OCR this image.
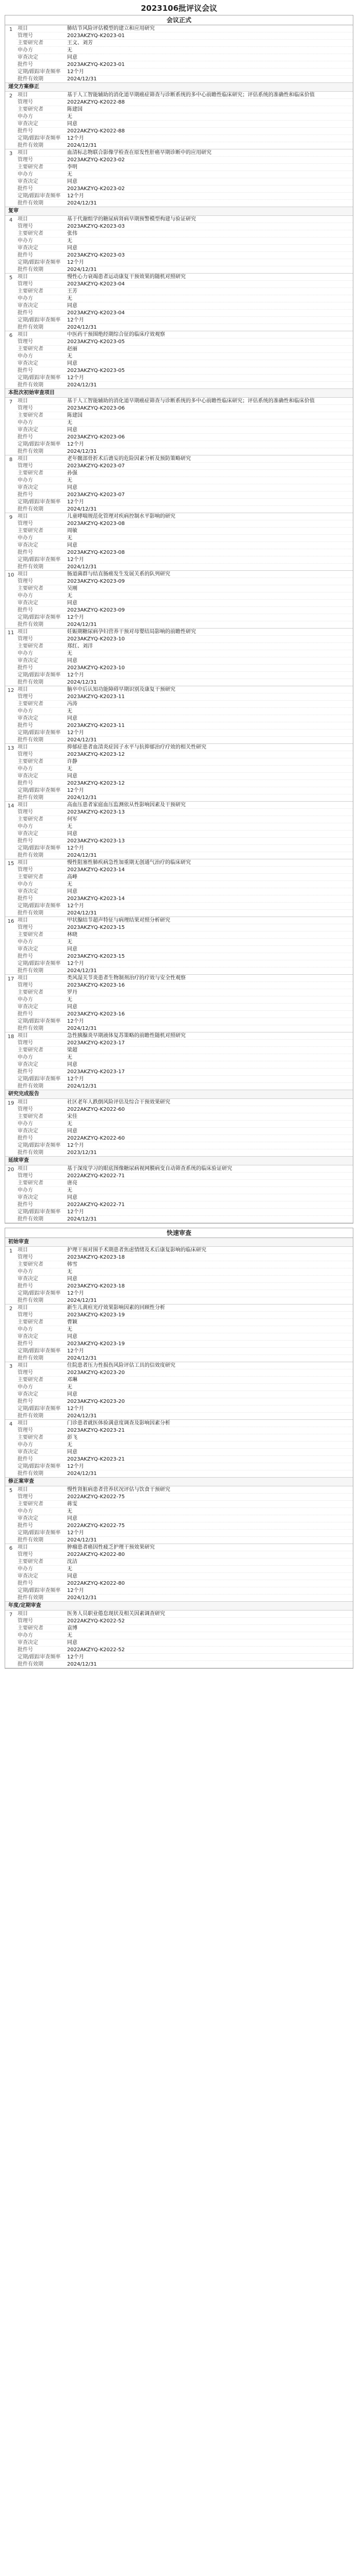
2023106批评议会议
会议正式
1 项目	肺结节风险评估模型的建立和应用研究
管理号	2023AKZYQ-K2023-01
主要研究者	王文、刘芳
申办方	无
审查决定	同意
批件号	2023AKZYQ-K2023-01
定期/跟踪审查频率	12个月
批件有效期	2024/12/31
递交方案修正
2 项目	基于人工智能辅助的消化道早期癌症筛查与诊断系统的多中心前瞻性临床研究；评估系统的准确性和临床价值
管理号	2022AKZYQ-K2022-88
主要研究者	陈建国
申办方	无
审查决定	同意
批件号	2022AKZYQ-K2022-88
定期/跟踪审查频率	12个月
批件有效期	2024/12/31
3 项目	血清标志物联合影像学检查在原发性肝癌早期诊断中的应用研究
管理号	2023AKZYQ-K2023-02
主要研究者	李明
申办方	无
审查决定	同意
批件号	2023AKZYQ-K2023-02
定期/跟踪审查频率	12个月
批件有效期	2024/12/31
复审
4 项目	基于代谢组学的糖尿病肾病早期预警模型构建与验证研究
管理号	2023AKZYQ-K2023-03
主要研究者	张伟
申办方	无
审查决定	同意
批件号	2023AKZYQ-K2023-03
定期/跟踪审查频率	12个月
批件有效期	2024/12/31
5 项目	慢性心力衰竭患者运动康复干预效果的随机对照研究
管理号	2023AKZYQ-K2023-04
主要研究者	王芳
申办方	无
审查决定	同意
批件号	2023AKZYQ-K2023-04
定期/跟踪审查频率	12个月
批件有效期	2024/12/31
6 项目	中医药干预围绝经期综合征的临床疗效观察
管理号	2023AKZYQ-K2023-05
主要研究者	赵丽
申办方	无
审查决定	同意
批件号	2023AKZYQ-K2023-05
定期/跟踪审查频率	12个月
批件有效期	2024/12/31
本批次初始审查项目
7 项目	基于人工智能辅助的消化道早期癌症筛查与诊断系统的多中心前瞻性临床研究；评估系统的准确性和临床价值
管理号	2023AKZYQ-K2023-06
主要研究者	陈建国
申办方	无
审查决定	同意
批件号	2023AKZYQ-K2023-06
定期/跟踪审查频率	12个月
批件有效期	2024/12/31
8 项目	老年髋部骨折术后谵妄的危险因素分析及预防策略研究
管理号	2023AKZYQ-K2023-07
主要研究者	孙强
申办方	无
审查决定	同意
批件号	2023AKZYQ-K2023-07
定期/跟踪审查频率	12个月
批件有效期	2024/12/31
9 项目	儿童哮喘规范化管理对疾病控制水平影响的研究
管理号	2023AKZYQ-K2023-08
主要研究者	周敏
申办方	无
审查决定	同意
批件号	2023AKZYQ-K2023-08
定期/跟踪审查频率	12个月
批件有效期	2024/12/31
10 项目	肠道菌群与结直肠癌发生发展关系的队列研究
管理号	2023AKZYQ-K2023-09
主要研究者	吴刚
申办方	无
审查决定	同意
批件号	2023AKZYQ-K2023-09
定期/跟踪审查频率	12个月
批件有效期	2024/12/31
11 项目	妊娠期糖尿病孕妇营养干预对母婴结局影响的前瞻性研究
管理号	2023AKZYQ-K2023-10
主要研究者	郑红、刘洋
申办方	无
审查决定	同意
批件号	2023AKZYQ-K2023-10
定期/跟踪审查频率	12个月
批件有效期	2024/12/31
12 项目	脑卒中后认知功能障碍早期识别及康复干预研究
管理号	2023AKZYQ-K2023-11
主要研究者	冯涛
申办方	无
审查决定	同意
批件号	2023AKZYQ-K2023-11
定期/跟踪审查频率	12个月
批件有效期	2024/12/31
13 项目	抑郁症患者血清炎症因子水平与抗抑郁治疗疗效的相关性研究
管理号	2023AKZYQ-K2023-12
主要研究者	许静
申办方	无
审查决定	同意
批件号	2023AKZYQ-K2023-12
定期/跟踪审查频率	12个月
批件有效期	2024/12/31
14 项目	高血压患者家庭血压监测依从性影响因素及干预研究
管理号	2023AKZYQ-K2023-13
主要研究者	何军
申办方	无
审查决定	同意
批件号	2023AKZYQ-K2023-13
定期/跟踪审查频率	12个月
批件有效期	2024/12/31
15 项目	慢性阻塞性肺疾病急性加重期无创通气治疗的临床研究
管理号	2023AKZYQ-K2023-14
主要研究者	高峰
申办方	无
审查决定	同意
批件号	2023AKZYQ-K2023-14
定期/跟踪审查频率	12个月
批件有效期	2024/12/31
16 项目	甲状腺结节超声特征与病理结果对照分析研究
管理号	2023AKZYQ-K2023-15
主要研究者	林晓
申办方	无
审查决定	同意
批件号	2023AKZYQ-K2023-15
定期/跟踪审查频率	12个月
批件有效期	2024/12/31
17 项目	类风湿关节炎患者生物制剂治疗的疗效与安全性观察
管理号	2023AKZYQ-K2023-16
主要研究者	罗丹
申办方	无
审查决定	同意
批件号	2023AKZYQ-K2023-16
定期/跟踪审查频率	12个月
批件有效期	2024/12/31
18 项目	急性胰腺炎早期液体复苏策略的前瞻性随机对照研究
管理号	2023AKZYQ-K2023-17
主要研究者	梁超
申办方	无
审查决定	同意
批件号	2023AKZYQ-K2023-17
定期/跟踪审查频率	12个月
批件有效期	2024/12/31
研究完成报告
19 项目	社区老年人跌倒风险评估及综合干预效果研究
管理号	2022AKZYQ-K2022-60
主要研究者	宋佳
申办方	无
审查决定	同意
批件号	2022AKZYQ-K2022-60
定期/跟踪审查频率	12个月
批件有效期	2023/12/31
延续审查
20 项目	基于深度学习的眼底图像糖尿病视网膜病变自动筛查系统的临床验证研究
管理号	2022AKZYQ-K2022-71
主要研究者	唐亮
申办方	无
审查决定	同意
批件号	2022AKZYQ-K2022-71
定期/跟踪审查频率	12个月
批件有效期	2024/12/31
快速审查
初始审查
1 项目	护理干预对围手术期患者焦虑情绪及术后康复影响的临床研究
管理号	2023AKZYQ-K2023-18
主要研究者	韩雪
申办方	无
审查决定	同意
批件号	2023AKZYQ-K2023-18
定期/跟踪审查频率	12个月
批件有效期	2024/12/31
2 项目	新生儿黄疸光疗效果影响因素的回顾性分析
管理号	2023AKZYQ-K2023-19
主要研究者	曹颖
申办方	无
审查决定	同意
批件号	2023AKZYQ-K2023-19
定期/跟踪审查频率	12个月
批件有效期	2024/12/31
3 项目	住院患者压力性损伤风险评估工具的信效度研究
管理号	2023AKZYQ-K2023-20
主要研究者	邓琳
申办方	无
审查决定	同意
批件号	2023AKZYQ-K2023-20
定期/跟踪审查频率	12个月
批件有效期	2024/12/31
4 项目	门诊患者就医体验满意度调查及影响因素分析
管理号	2023AKZYQ-K2023-21
主要研究者	彭飞
申办方	无
审查决定	同意
批件号	2023AKZYQ-K2023-21
定期/跟踪审查频率	12个月
批件有效期	2024/12/31
修正案审查
5 项目	慢性肾脏病患者营养状况评估与饮食干预研究
管理号	2022AKZYQ-K2022-75
主要研究者	蒋雯
申办方	无
审查决定	同意
批件号	2022AKZYQ-K2022-75
定期/跟踪审查频率	12个月
批件有效期	2024/12/31
6 项目	肿瘤患者癌因性疲乏护理干预效果研究
管理号	2022AKZYQ-K2022-80
主要研究者	沈洁
申办方	无
审查决定	同意
批件号	2022AKZYQ-K2022-80
定期/跟踪审查频率	12个月
批件有效期	2024/12/31
年度/定期审查
7 项目	医务人员职业倦怠现状及相关因素调查研究
管理号	2022AKZYQ-K2022-52
主要研究者	袁博
申办方	无
审查决定	同意
批件号	2022AKZYQ-K2022-52
定期/跟踪审查频率	12个月
批件有效期	2024/12/31
